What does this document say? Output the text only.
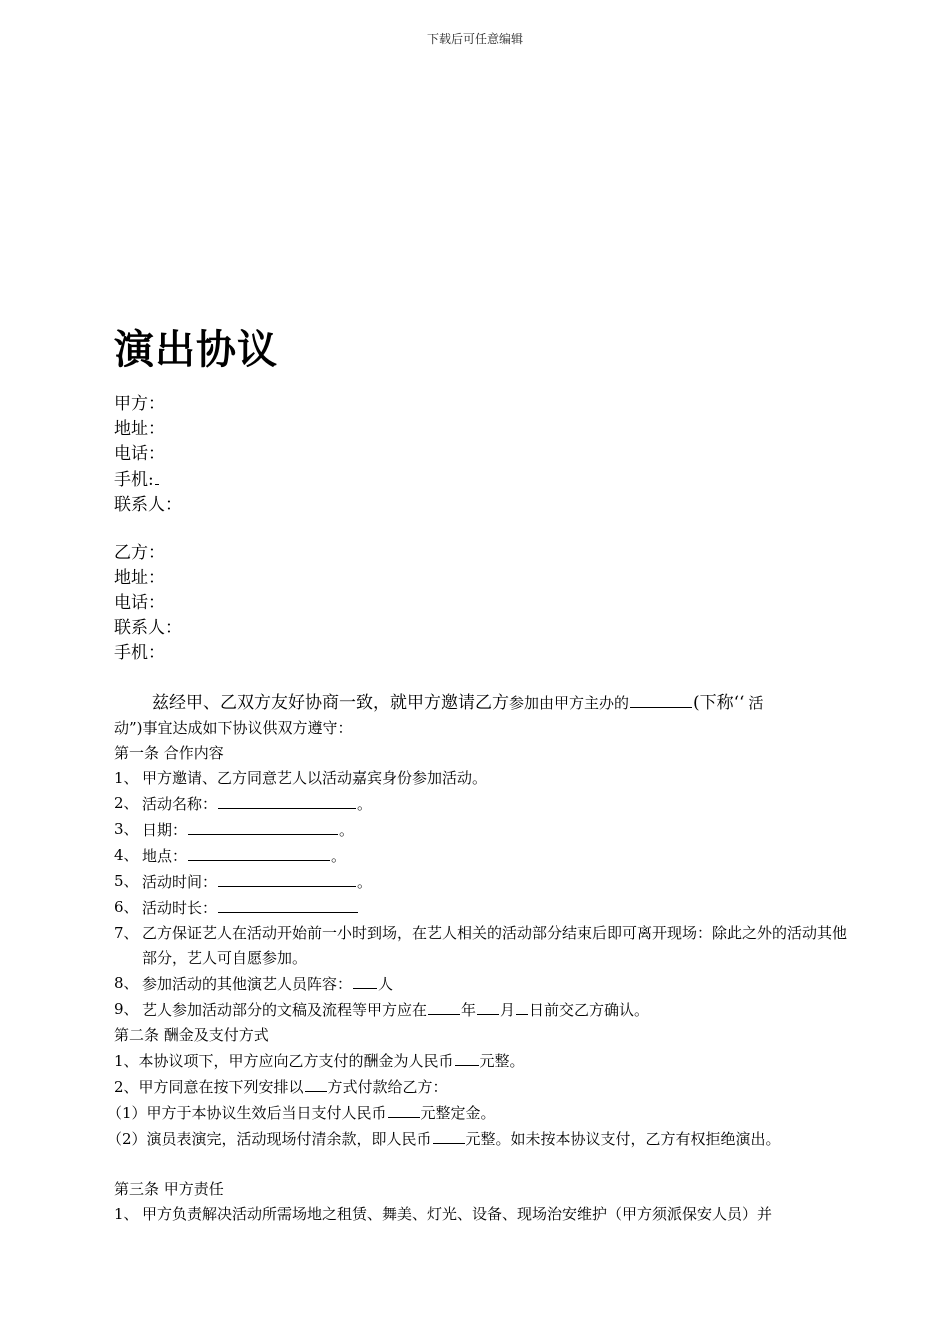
下载后可任意编辑
演出协议
甲方：
地址：
电话：
手机:
联系人：
乙方：
地址：
电话：
联系人：
手机：
兹经甲、乙双方友好协商一致，就甲方邀请乙方参加由甲方主办的	(下称‘‘ 活
动”)事宜达成如下协议供双方遵守：
第一条 合作内容
1、 甲方邀请、乙方同意艺人以活动嘉宾身份参加活动。
2、 活动名称：	。
3、 日期：	。
4、 地点：	。
5、 活动时间：	。
6、 活动时长：
7、 乙方保证艺人在活动开始前一小时到场，在艺人相关的活动部分结束后即可离开现场：除此之外的活动其他部分，艺人可自愿参加。
8、 参加活动的其他演艺人员阵容： 人
9、 艺人参加活动部分的文稿及流程等甲方应在 年 月 日前交乙方确认。
第二条 酬金及支付方式
1、本协议项下，甲方应向乙方支付的酬金为人民币 元整。
2、甲方同意在按下列安排以 方式付款给乙方：
（1）甲方于本协议生效后当日支付人民币 元整定金。
（2）演员表演完，活动现场付清余款，即人民币 元整。如未按本协议支付，乙方有权拒绝演出。
第三条 甲方责任
1、 甲方负责解决活动所需场地之租赁、舞美、灯光、设备、现场治安维护（甲方须派保安人员）并
